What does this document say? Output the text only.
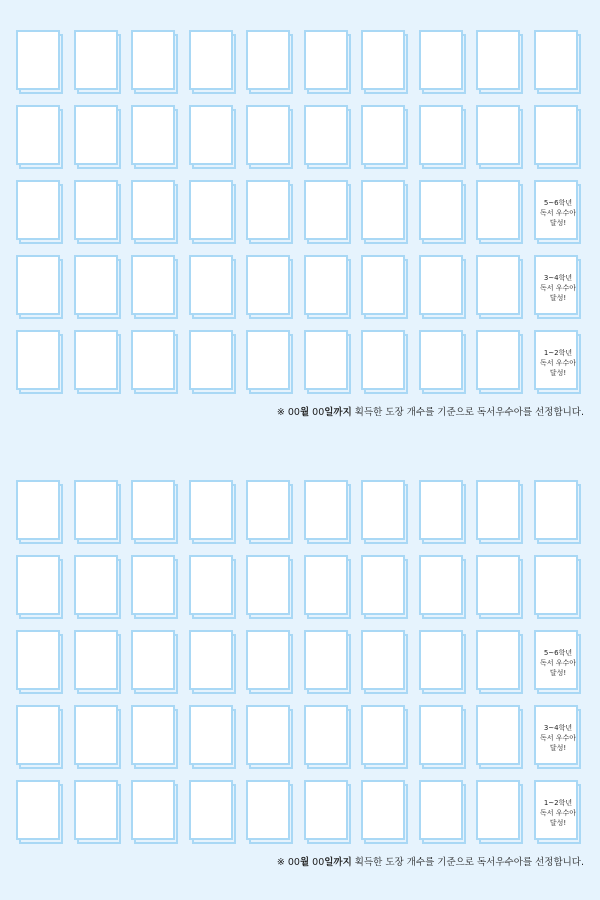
5~6학년
독서 우수아
달성!
3~4학년
독서 우수아
달성!
1~2학년
독서 우수아
달성!
※ 00월 00일까지 획득한 도장 개수를 기준으로 독서우수아를 선정합니다.
5~6학년
독서 우수아
달성!
3~4학년
독서 우수아
달성!
1~2학년
독서 우수아
달성!
※ 00월 00일까지 획득한 도장 개수를 기준으로 독서우수아를 선정합니다.
